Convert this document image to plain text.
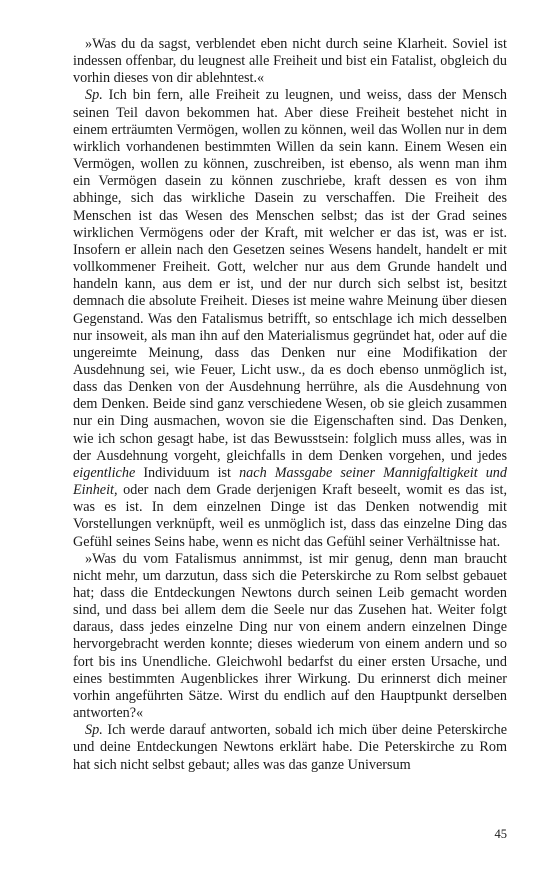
»Was du da sagst, verblendet eben nicht durch seine Klarheit. Soviel ist indessen offenbar, du leugnest alle Freiheit und bist ein Fatalist, obgleich du vorhin dieses von dir ablehntest.«

Sp. Ich bin fern, alle Freiheit zu leugnen, und weiss, dass der Mensch seinen Teil davon bekommen hat. Aber diese Freiheit bestehet nicht in einem erträumten Vermögen, wollen zu können, weil das Wollen nur in dem wirklich vorhandenen bestimmten Willen da sein kann. Einem Wesen ein Vermögen, wollen zu können, zuschreiben, ist ebenso, als wenn man ihm ein Vermögen dasein zu können zuschriebe, kraft dessen es von ihm abhinge, sich das wirkliche Dasein zu verschaffen. Die Freiheit des Menschen ist das Wesen des Menschen selbst; das ist der Grad seines wirklichen Vermögens oder der Kraft, mit welcher er das ist, was er ist. Insofern er allein nach den Gesetzen seines Wesens handelt, handelt er mit vollkommener Freiheit. Gott, welcher nur aus dem Grunde handelt und handeln kann, aus dem er ist, und der nur durch sich selbst ist, besitzt demnach die absolute Freiheit. Dieses ist meine wahre Meinung über diesen Gegenstand. Was den Fatalismus betrifft, so entschlage ich mich desselben nur insoweit, als man ihn auf den Materialismus gegründet hat, oder auf die ungereimte Meinung, dass das Denken nur eine Modifikation der Ausdehnung sei, wie Feuer, Licht usw., da es doch ebenso unmöglich ist, dass das Denken von der Ausdehnung herrühre, als die Ausdehnung von dem Denken. Beide sind ganz verschiedene Wesen, ob sie gleich zusammen nur ein Ding ausmachen, wovon sie die Eigenschaften sind. Das Denken, wie ich schon gesagt habe, ist das Bewusstsein: folglich muss alles, was in der Ausdehnung vorgeht, gleichfalls in dem Denken vorgehen, und jedes eigentliche Individuum ist nach Massgabe seiner Mannigfaltigkeit und Einheit, oder nach dem Grade derjenigen Kraft beseelt, womit es das ist, was es ist. In dem einzelnen Dinge ist das Denken notwendig mit Vorstellungen verknüpft, weil es unmöglich ist, dass das einzelne Ding das Gefühl seines Seins habe, wenn es nicht das Gefühl seiner Verhältnisse hat.

»Was du vom Fatalismus annimmst, ist mir genug, denn man braucht nicht mehr, um darzutun, dass sich die Peterskirche zu Rom selbst gebauet hat; dass die Entdeckungen Newtons durch seinen Leib gemacht worden sind, und dass bei allem dem die Seele nur das Zusehen hat. Weiter folgt daraus, dass jedes einzelne Ding nur von einem andern einzelnen Dinge hervorgebracht werden konnte; dieses wiederum von einem andern und so fort bis ins Unendliche. Gleichwohl bedarfst du einer ersten Ursache, und eines bestimmten Augenblickes ihrer Wirkung. Du erinnerst dich meiner vorhin angeführten Sätze. Wirst du endlich auf den Hauptpunkt derselben antworten?«

Sp. Ich werde darauf antworten, sobald ich mich über deine Peterskirche und deine Entdeckungen Newtons erklärt habe. Die Peterskirche zu Rom hat sich nicht selbst gebaut; alles was das ganze Universum

45
